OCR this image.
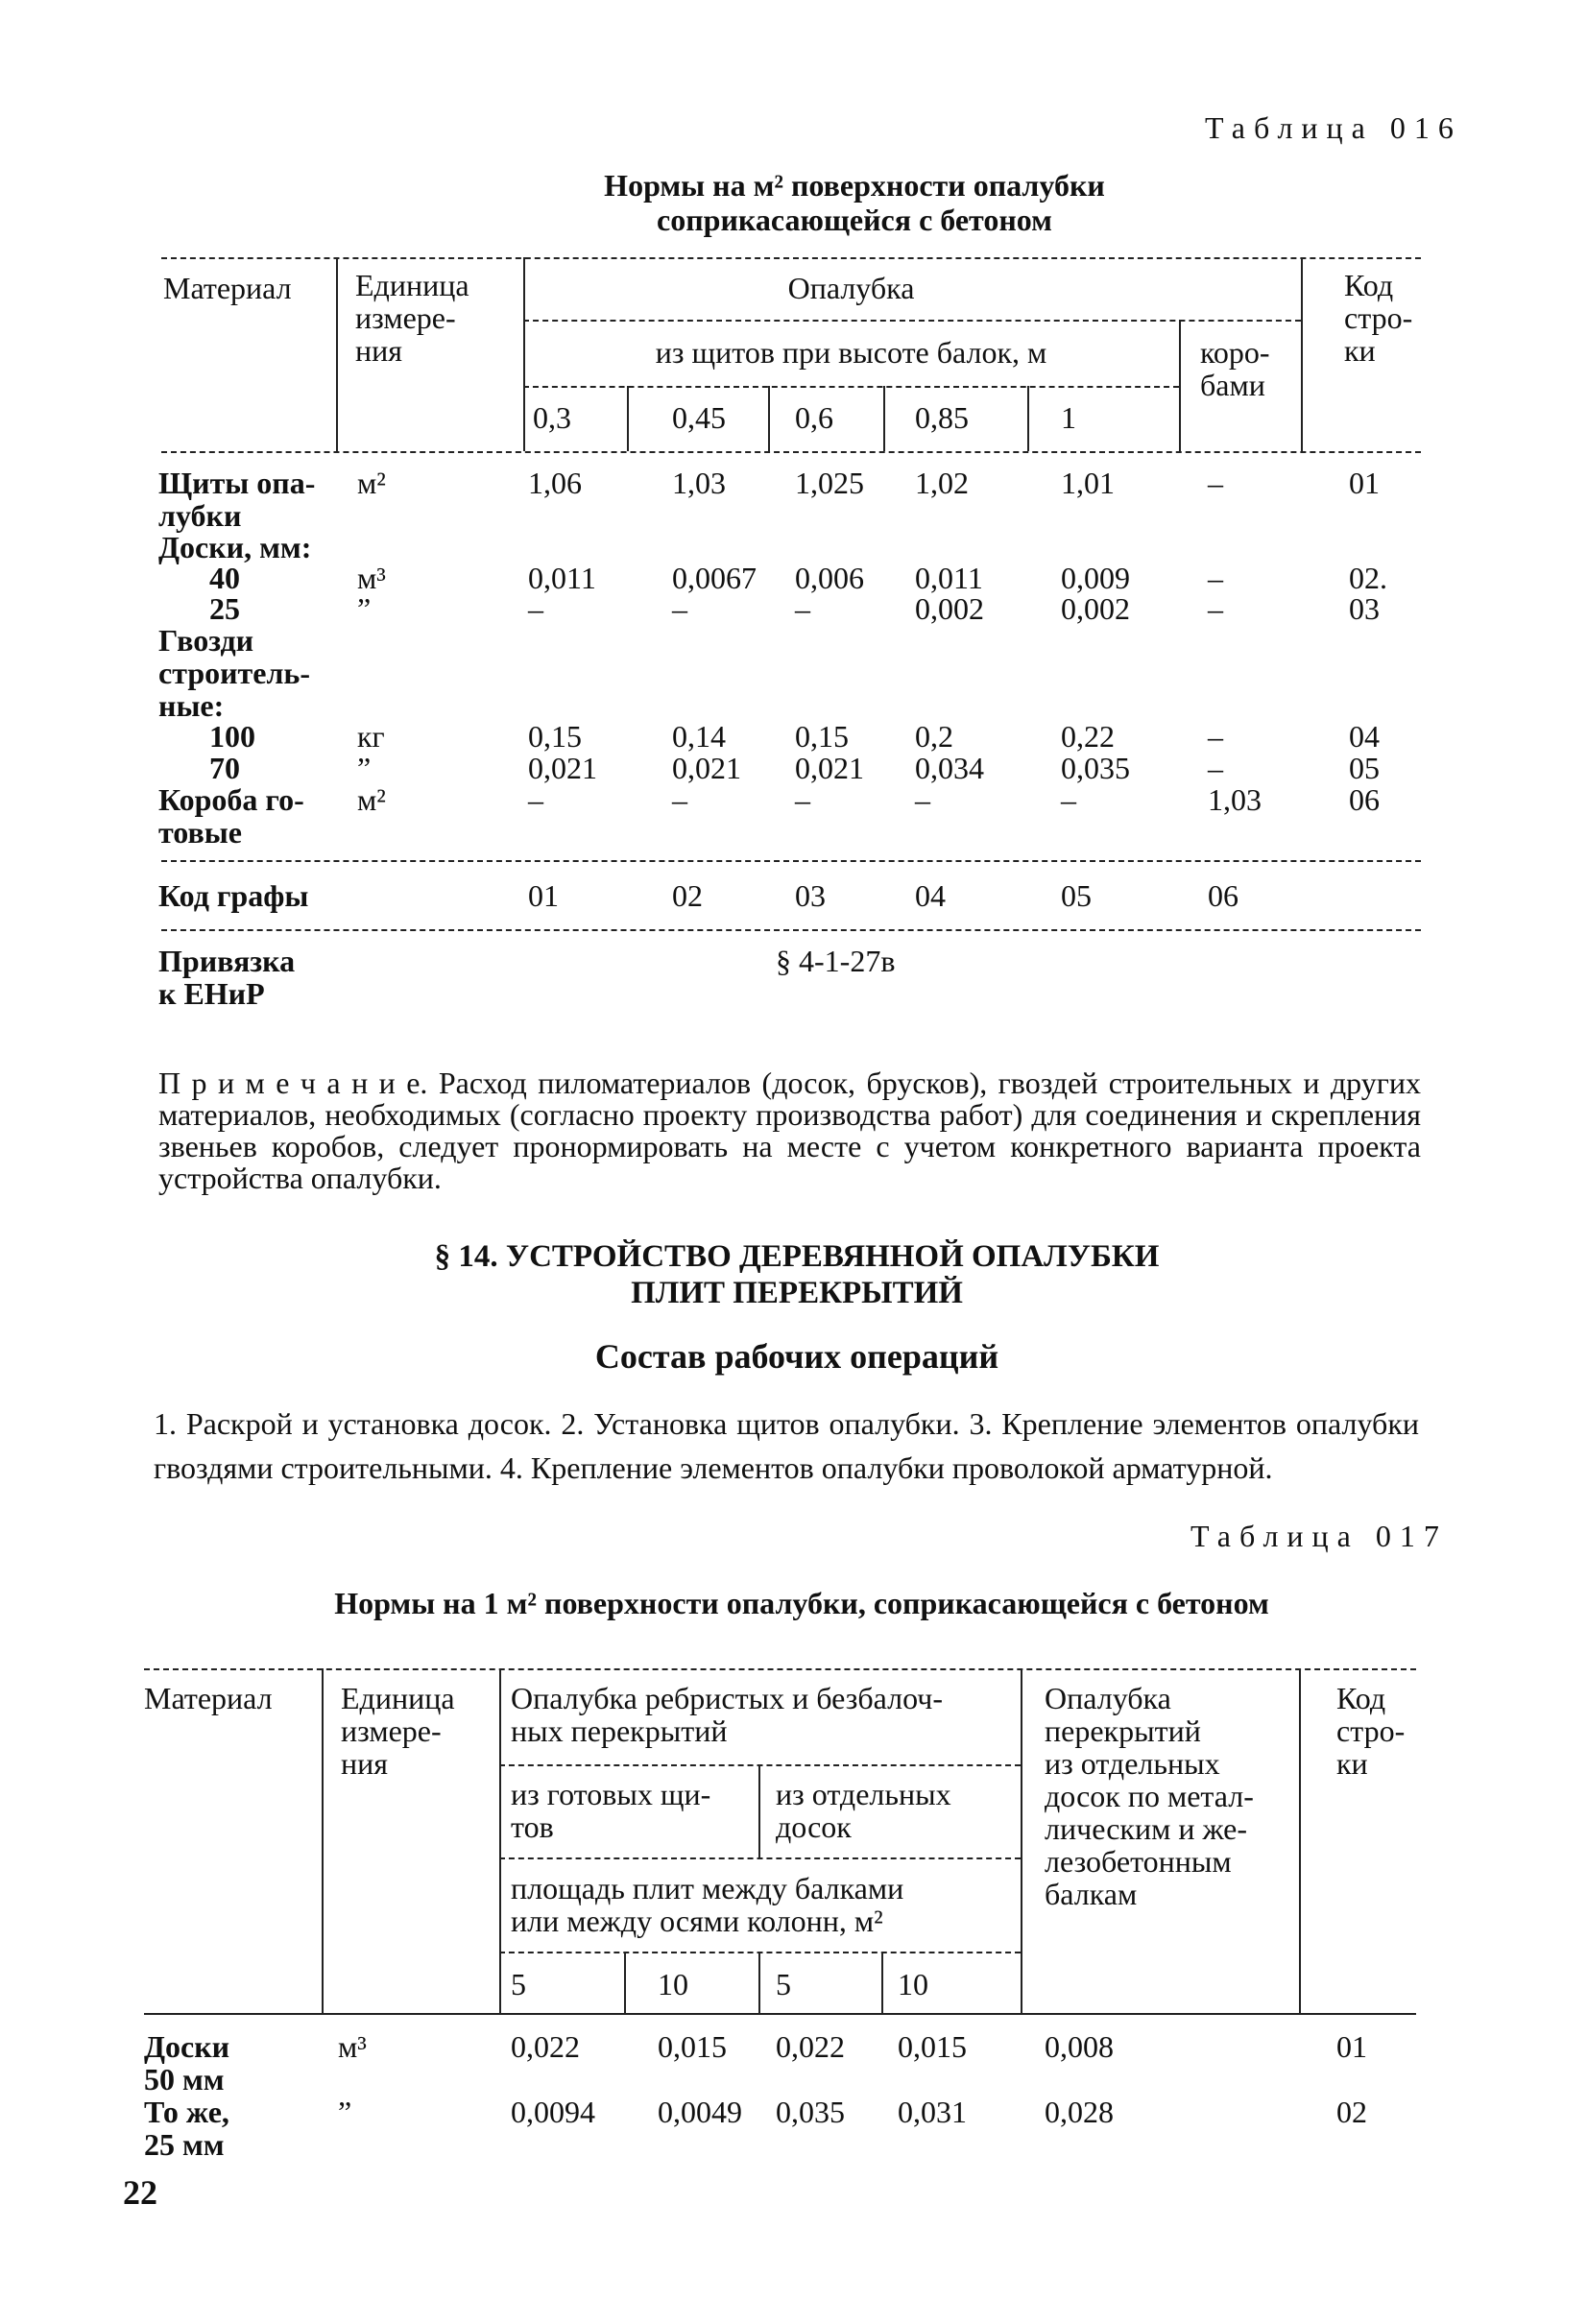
Таблица 016
Нормы на м² поверхности опалубки
соприкасающейся с бетоном
Материал Единица
измере-
ния
Опалубка
из щитов при высоте балок, м	коро-
бами
Код
стро-
ки
0,3	0,45 0,6	0,85	1
Щиты опа-
лубки
м²	1,06	1,03 1,025 1,02	1,01	–	01
Доски, мм:
40	м³	0,011 0,0067 0,006 0,011	0,009	–	02.
25	”	–	–	–	0,002	0,002	–	03
Гвозди
строитель-
ные:
100	кг	0,15	0,14 0,15 0,2	0,22	–	04
70	”	0,021 0,021 0,021 0,034	0,035	–	05
Короба го-
товые
м²	–	–	–	–	–	1,03	06
Код графы	01	02	03	04	05	06
Привязка
к ЕНиР
§ 4-1-27в
П р и м е ч а н и е. Расход пиломатериалов (досок, брусков), гвоздей строительных и других материалов, необходимых (согласно проекту производства работ) для соединения и скрепления звеньев коробов, следует пронормировать на месте с учетом конкретного варианта проекта устройства опалубки.
§ 14. УСТРОЙСТВО ДЕРЕВЯННОЙ ОПАЛУБКИ
ПЛИТ ПЕРЕКРЫТИЙ
Состав рабочих операций
1. Раскрой и установка досок. 2. Установка щитов опалубки. 3. Крепление элементов опалубки гвоздями строительными. 4. Крепление элементов опалубки проволокой арматурной.
Таблица 017
Нормы на 1 м² поверхности опалубки, соприкасающейся с бетоном
Материал Единица
измере-
ния
Опалубка ребристых и безбалоч-
ных перекрытий
из готовых щи-
тов
из отдельных
досок
площадь плит между балками
или между осями колонн, м²
Опалубка
перекрытий
из отдельных
досок по метал-
лическим и же-
лезобетонным
балкам
Код
стро-
ки
5	10	5	10
Доски
50 мм
м³	0,022	0,015 0,022 0,015	0,008	01
То же,
25 мм
”	0,0094 0,0049 0,035 0,031	0,028	02
22
